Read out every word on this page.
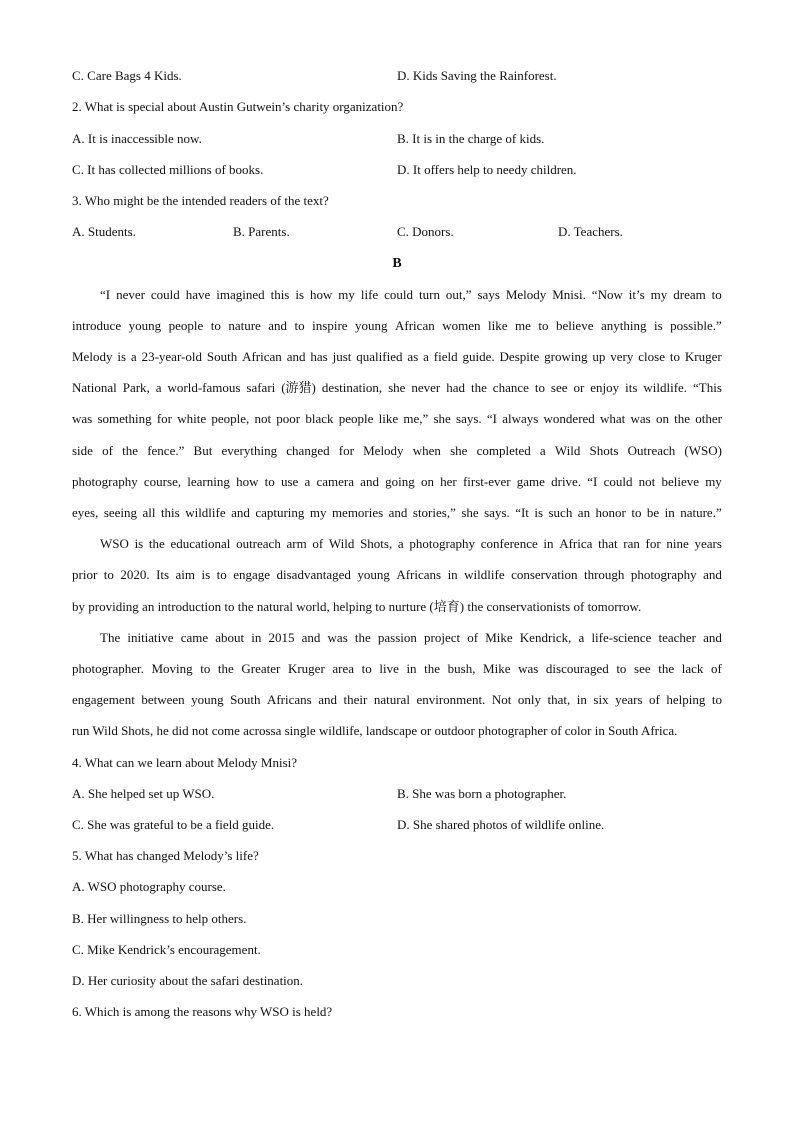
C. Care Bags 4 Kids.	D. Kids Saving the Rainforest.
2. What is special about Austin Gutwein’s charity organization?
A. It is inaccessible now.	B. It is in the charge of kids.
C. It has collected millions of books.	D. It offers help to needy children.
3. Who might be the intended readers of the text?
A. Students.	B. Parents.	C. Donors.	D. Teachers.
B
“I never could have imagined this is how my life could turn out,” says Melody Mnisi. “Now it’s my dream to
introduce young people to nature and to inspire young African women like me to believe anything is possible.”
Melody is a 23-year-old South African and has just qualified as a field guide. Despite growing up very close to Kruger
National Park, a world-famous safari (游猎) destination, she never had the chance to see or enjoy its wildlife. “This
was something for white people, not poor black people like me,” she says. “I always wondered what was on the other
side of the fence.” But everything changed for Melody when she completed a Wild Shots Outreach (WSO)
photography course, learning how to use a camera and going on her first-ever game drive. “I could not believe my
eyes, seeing all this wildlife and capturing my memories and stories,” she says. “It is such an honor to be in nature.”
WSO is the educational outreach arm of Wild Shots, a photography conference in Africa that ran for nine years
prior to 2020. Its aim is to engage disadvantaged young Africans in wildlife conservation through photography and
by providing an introduction to the natural world, helping to nurture (培育) the conservationists of tomorrow.
The initiative came about in 2015 and was the passion project of Mike Kendrick, a life-science teacher and
photographer. Moving to the Greater Kruger area to live in the bush, Mike was discouraged to see the lack of
engagement between young South Africans and their natural environment. Not only that, in six years of helping to
run Wild Shots, he did not come acrossa single wildlife, landscape or outdoor photographer of color in South Africa.
4. What can we learn about Melody Mnisi?
A. She helped set up WSO.	B. She was born a photographer.
C. She was grateful to be a field guide.	D. She shared photos of wildlife online.
5. What has changed Melody’s life?
A. WSO photography course.
B. Her willingness to help others.
C. Mike Kendrick’s encouragement.
D. Her curiosity about the safari destination.
6. Which is among the reasons why WSO is held?
